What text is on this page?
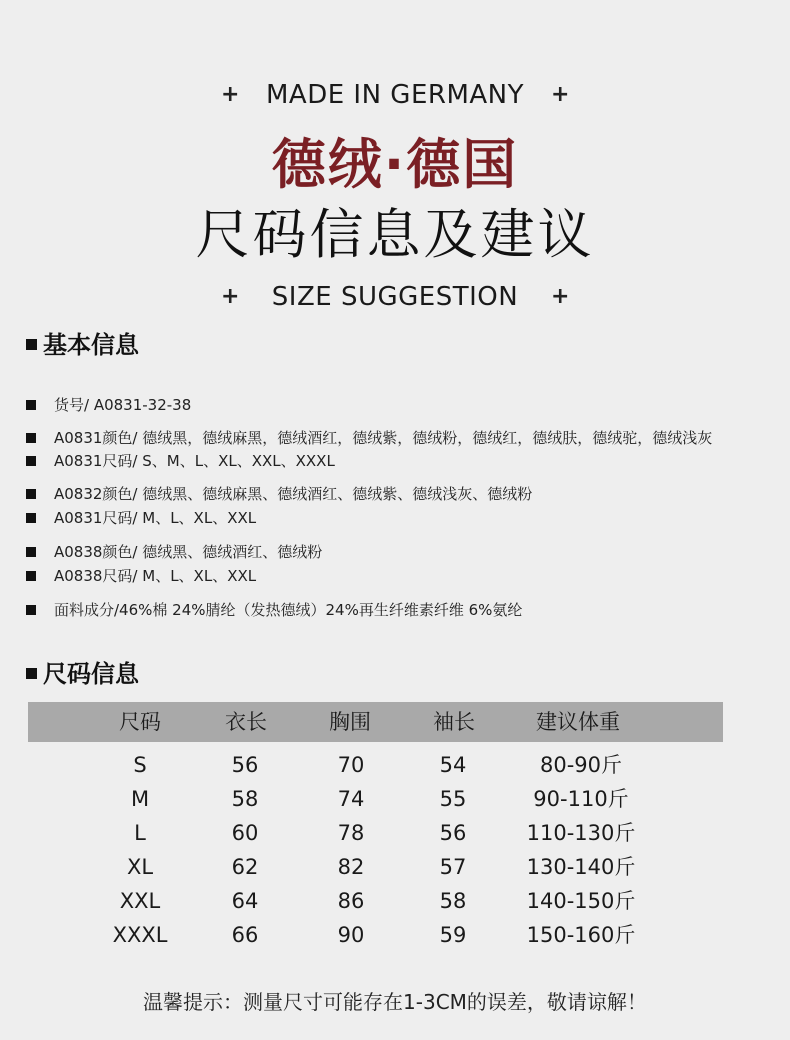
+	MADE IN GERMANY	+
德绒·德国
尺码信息及建议
+	SIZE SUGGESTION	+
基本信息
货号/ A0831-32-38
A0831颜色/ 德绒黑，德绒麻黑，德绒酒红，德绒紫，德绒粉，德绒红，德绒肤，德绒驼，德绒浅灰
A0831尺码/ S、M、L、XL、XXL、XXXL
A0832颜色/ 德绒黑、德绒麻黑、德绒酒红、德绒紫、德绒浅灰、德绒粉
A0831尺码/ M、L、XL、XXL
A0838颜色/ 德绒黑、德绒酒红、德绒粉
A0838尺码/ M、L、XL、XXL
面料成分/46%棉 24%腈纶（发热德绒）24%再生纤维素纤维 6%氨纶
尺码信息
尺码	衣长	胸围	袖长	建议体重
S	56	70	54	80-90斤
M	58	74	55	90-110斤
L	60	78	56	110-130斤
XL	62	82	57	130-140斤
XXL	64	86	58	140-150斤
XXXL	66	90	59	150-160斤
温馨提示：测量尺寸可能存在1-3CM的误差，敬请谅解！
